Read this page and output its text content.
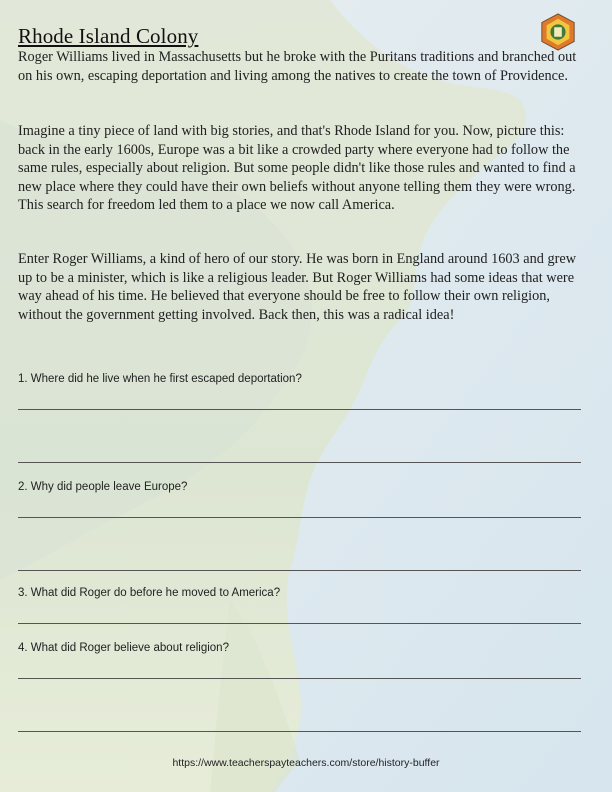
Rhode Island Colony

Roger Williams lived in Massachusetts but he broke with the Puritans traditions and branched out on his own, escaping deportation and living among the natives to create the town of Providence.

Imagine a tiny piece of land with big stories, and that's Rhode Island for you. Now, picture this: back in the early 1600s, Europe was a bit like a crowded party where everyone had to follow the same rules, especially about religion. But some people didn't like those rules and wanted to find a new place where they could have their own beliefs without anyone telling them they were wrong. This search for freedom led them to a place we now call America.

Enter Roger Williams, a kind of hero of our story. He was born in England around 1603 and grew up to be a minister, which is like a religious leader. But Roger Williams had some ideas that were way ahead of his time. He believed that everyone should be free to follow their own religion, without the government getting involved. Back then, this was a radical idea!

1. Where did he live when he first escaped deportation?

2. Why did people leave Europe?

3. What did Roger do before he moved to America?

4. What did Roger believe about religion?

https://www.teacherspayteachers.com/store/history-buffer
